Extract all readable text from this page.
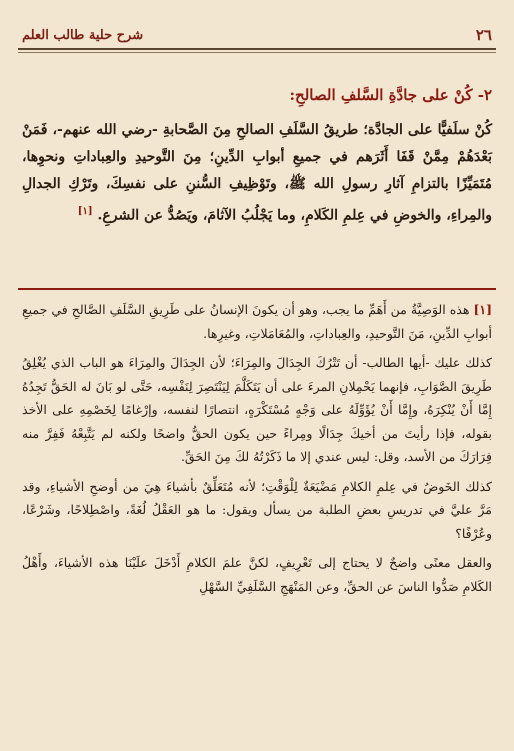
٢٦
شرح حلية طالب العلم
٢- كُنْ على جادَّةِ السَّلفِ الصالحِ:
كُنْ سلَفيًّا على الجادَّة؛ طريقُ السَّلَفِ الصالحِ مِنَ الصَّحابةِ -رضي الله عنهم-، فَمَنْ بَعْدَهُمْ مِمَّنْ قَفَا أَثَرَهم في جميعِ أبوابِ الدِّينِ؛ مِنَ التَّوحيدِ والعِباداتِ ونحوِها، مُتَمَيِّزًا بالتزامِ آثارِ رسولِ الله ﷺ، وتَوْظِيفِ السُّننِ على نفسِكَ، وتَرْكِ الجدالِ والمِراءِ، والخوضِ في عِلمِ الكَلامِ، وما يَجْلُبُ الآثامَ، ويَصُدُّ عن الشرعِ. [١]

[١] هذه الوَصِيَّةُ من أَهَمِّ ما يجب، وهو أن يكونَ الإنسانُ على طَرِيقِ السَّلَفِ الصَّالحِ في جميعِ أبوابِ الدِّينِ، مَنَ التَّوحيدِ، والعِباداتِ، والمُعَامَلاتِ، وغيرِها.

كذلك عليك -أيها الطالب- أن تَتْرُكَ الجِدَالَ والمِرَاءَ؛ لأن الجِدَالَ والمِرَاءَ هو الباب الذي يُغْلِقُ طَرِيقَ الصَّوَابِ، فإنهما يَحْمِلانِ المرءَ على أن يَتَكَلَّمَ لِيَنْتَصِرَ لِنَفْسِه، حَتَّى لو بَانَ له الحَقُّ تَجِدُهُ إِمَّا أَنْ يُنْكِرَهُ، وإِمَّا أَنْ يُؤَوِّلَهُ على وَجْهٍ مُسْتَكْرَهٍ، انتصارًا لنفسه، وإرْغامًا لِخَصْمِهِ على الأخذ بقوله، فإذا رأيتَ من أخيكَ جِدَالًا ومِراءً حين يكون الحقُّ واضحًا ولكنه لم يَتَّبِعْهُ فَفِرَّ منه فِرَارَكَ من الأسد، وقل: ليس عندي إلا ما ذَكَرْتُهُ لكَ مِنَ الحَقِّ.

كذلك الخَوضُ في عِلمِ الكلامِ مَضْيَعَةٌ لِلْوَقْتِ؛ لأنه مُتَعَلِّقٌ بأشياءَ هِيَ من أوضحِ الأشياءِ، وقد مَرَّ عليَّ في تدريسِ بعضِ الطلبة من يسأل ويقول: ما هو العَقْلُ لُغَةً، واصْطِلاحًا، وشَرْعًا، وعُرْفًا؟

والعقل معنًى واضحٌ لا يحتاج إلى تَعْرِيفٍ، لكنَّ علمَ الكلامِ أَدْخَلَ علَيْنَا هذه الأشياءَ، وأَهْلُ الكَلامِ صَدُّوا الناسَ عن الحقِّ، وعن المَنْهَجِ السَّلَفِيِّ السَّهْلِ
